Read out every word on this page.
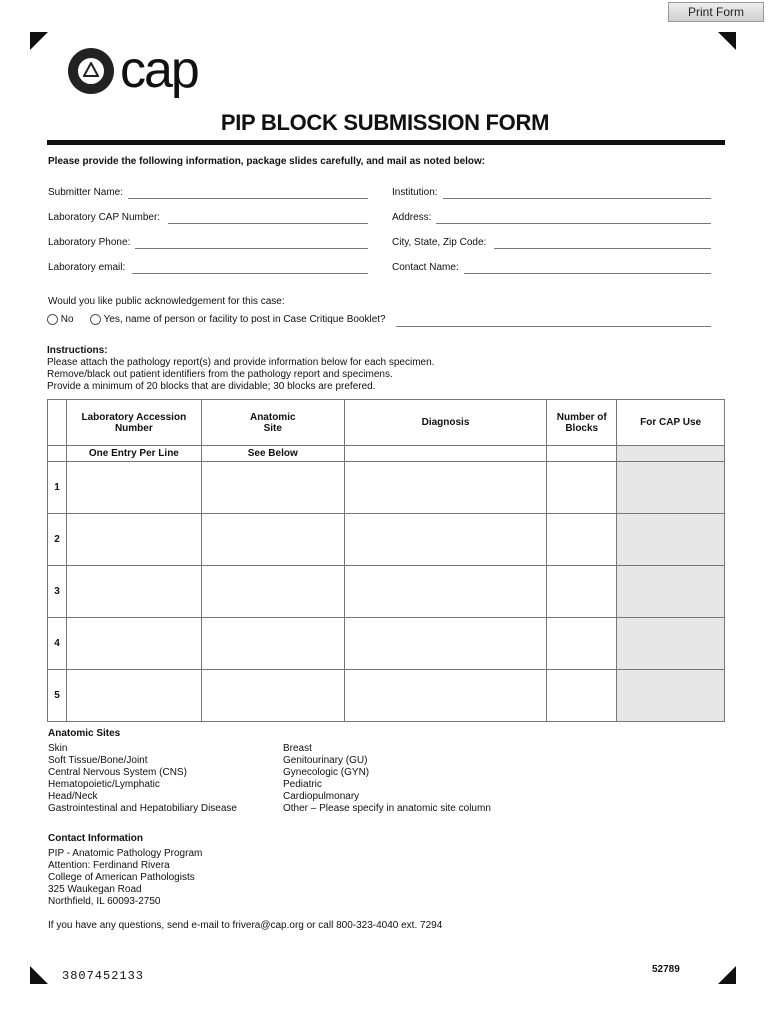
Print Form
cap
PIP BLOCK SUBMISSION FORM
Please provide the following information, package slides carefully, and mail as noted below:
Submitter Name:
Laboratory CAP Number:
Laboratory Phone:
Laboratory email:
Institution:
Address:
City, State, Zip Code:
Contact Name:
Would you like public acknowledgement for this case:
No	Yes, name of person or facility to post in Case Critique Booklet?
Instructions:
Please attach the pathology report(s) and provide information below for each specimen.
Remove/black out patient identifiers from the pathology report and specimens.
Provide a minimum of 20 blocks that are dividable; 30 blocks are prefered.
	Laboratory Accession Number	Anatomic Site	Diagnosis	Number of Blocks	For CAP Use
	One Entry Per Line	See Below			
1					
2					
3					
4					
5					
Anatomic Sites
Skin
Soft Tissue/Bone/Joint
Central Nervous System (CNS)
Hematopoietic/Lymphatic
Head/Neck
Gastrointestinal and Hepatobiliary Disease
Breast
Genitourinary (GU)
Gynecologic (GYN)
Pediatric
Cardiopulmonary
Other – Please specify in anatomic site column
Contact Information
PIP - Anatomic Pathology Program
Attention: Ferdinand Rivera
College of American Pathologists
325 Waukegan Road
Northfield, IL 60093-2750
If you have any questions, send e-mail to frivera@cap.org or call 800-323-4040 ext. 7294
3807452133	52789
